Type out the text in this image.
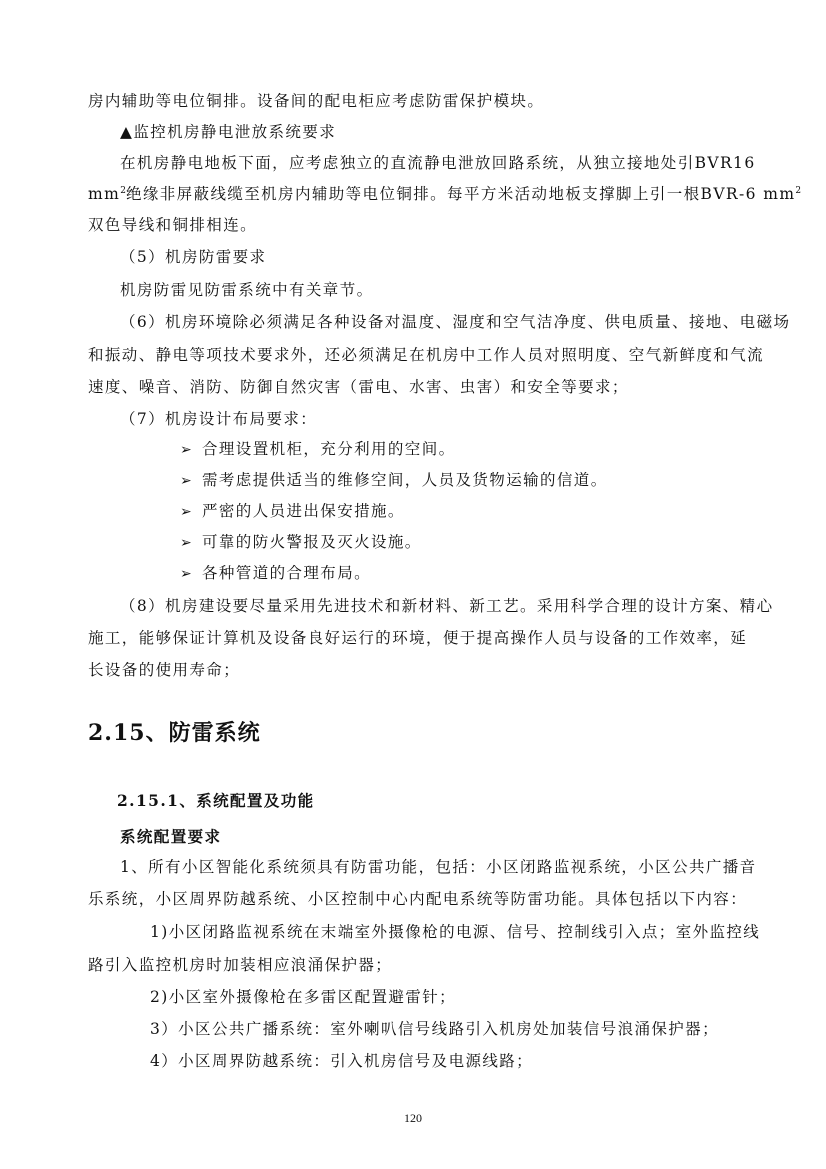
房内辅助等电位铜排。设备间的配电柜应考虑防雷保护模块。
▲监控机房静电泄放系统要求
在机房静电地板下面，应考虑独立的直流静电泄放回路系统，从独立接地处引BVR16
$mm^2$绝缘非屏蔽线缆至机房内辅助等电位铜排。每平方米活动地板支撑脚上引一根BVR-6 $mm^2$
双色导线和铜排相连。
（5）机房防雷要求
机房防雷见防雷系统中有关章节。
（6）机房环境除必须满足各种设备对温度、湿度和空气洁净度、供电质量、接地、电磁场
和振动、静电等项技术要求外，还必须满足在机房中工作人员对照明度、空气新鲜度和气流
速度、噪音、消防、防御自然灾害（雷电、水害、虫害）和安全等要求；
（7）机房设计布局要求：
➢ 合理设置机柜，充分利用的空间。
➢ 需考虑提供适当的维修空间，人员及货物运输的信道。
➢ 严密的人员进出保安措施。
➢ 可靠的防火警报及灭火设施。
➢ 各种管道的合理布局。
（8）机房建设要尽量采用先进技术和新材料、新工艺。采用科学合理的设计方案、精心
施工，能够保证计算机及设备良好运行的环境，便于提高操作人员与设备的工作效率，延
长设备的使用寿命；
2.15、防雷系统
2.15.1、系统配置及功能
系统配置要求
1、所有小区智能化系统须具有防雷功能，包括：小区闭路监视系统，小区公共广播音
乐系统，小区周界防越系统、小区控制中心内配电系统等防雷功能。具体包括以下内容：
1)小区闭路监视系统在末端室外摄像枪的电源、信号、控制线引入点；室外监控线
路引入监控机房时加装相应浪涌保护器；
2)小区室外摄像枪在多雷区配置避雷针；
3）小区公共广播系统：室外喇叭信号线路引入机房处加装信号浪涌保护器；
4）小区周界防越系统：引入机房信号及电源线路；
120
